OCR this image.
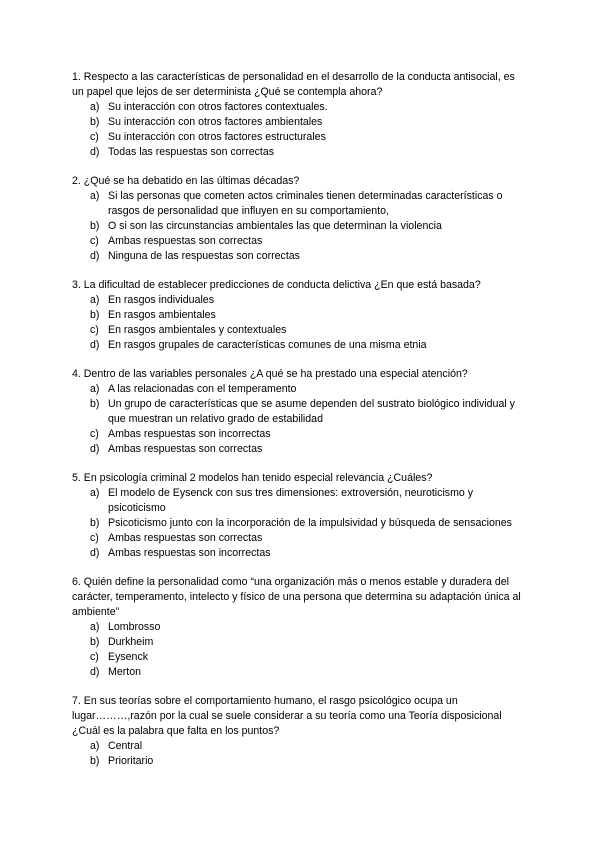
1. Respecto a las características de personalidad en el desarrollo de la conducta antisocial, es un papel que lejos de ser determinista ¿Qué se contempla ahora?

a) Su interacción con otros factores contextuales.
b) Su interacción con otros factores ambientales
c) Su interacción con otros factores estructurales
d) Todas las respuestas son correctas

2. ¿Qué se ha debatido en las últimas décadas?

a) Si las personas que cometen actos criminales tienen determinadas características o rasgos de personalidad que influyen en su comportamiento,
b) O si son las circunstancias ambientales las que determinan la violencia
c) Ambas respuestas son correctas
d) Ninguna de las respuestas son correctas

3. La dificultad de establecer predicciones de conducta delictiva ¿En que está basada?

a) En rasgos individuales
b) En rasgos ambientales
c) En rasgos ambientales y contextuales
d) En rasgos grupales de características comunes de una misma etnia

4. Dentro de las variables personales ¿A qué se ha prestado una especial atención?

a) A las relacionadas con el temperamento
b) Un grupo de características que se asume dependen del sustrato biológico individual y que muestran un relativo grado de estabilidad
c) Ambas respuestas son incorrectas
d) Ambas respuestas son correctas

5. En psicología criminal 2 modelos han tenido especial relevancia ¿Cuáles?

a) El modelo de Eysenck con sus tres dimensiones: extroversión, neuroticismo y psicoticismo
b) Psicoticismo junto con la incorporación de la impulsividad y búsqueda de sensaciones
c) Ambas respuestas son correctas
d) Ambas respuestas son incorrectas

6. Quién define la personalidad como “una organización más o menos estable y duradera del carácter, temperamento, intelecto y físico de una persona que determina su adaptación única al ambiente”

a) Lombrosso
b) Durkheim
c) Eysenck
d) Merton

7. En sus teorías sobre el comportamiento humano, el rasgo psicológico ocupa un lugar………,razón por la cual se suele considerar a su teoría como una Teoría disposicional ¿Cuál es la palabra que falta en los puntos?

a) Central
b) Prioritario
